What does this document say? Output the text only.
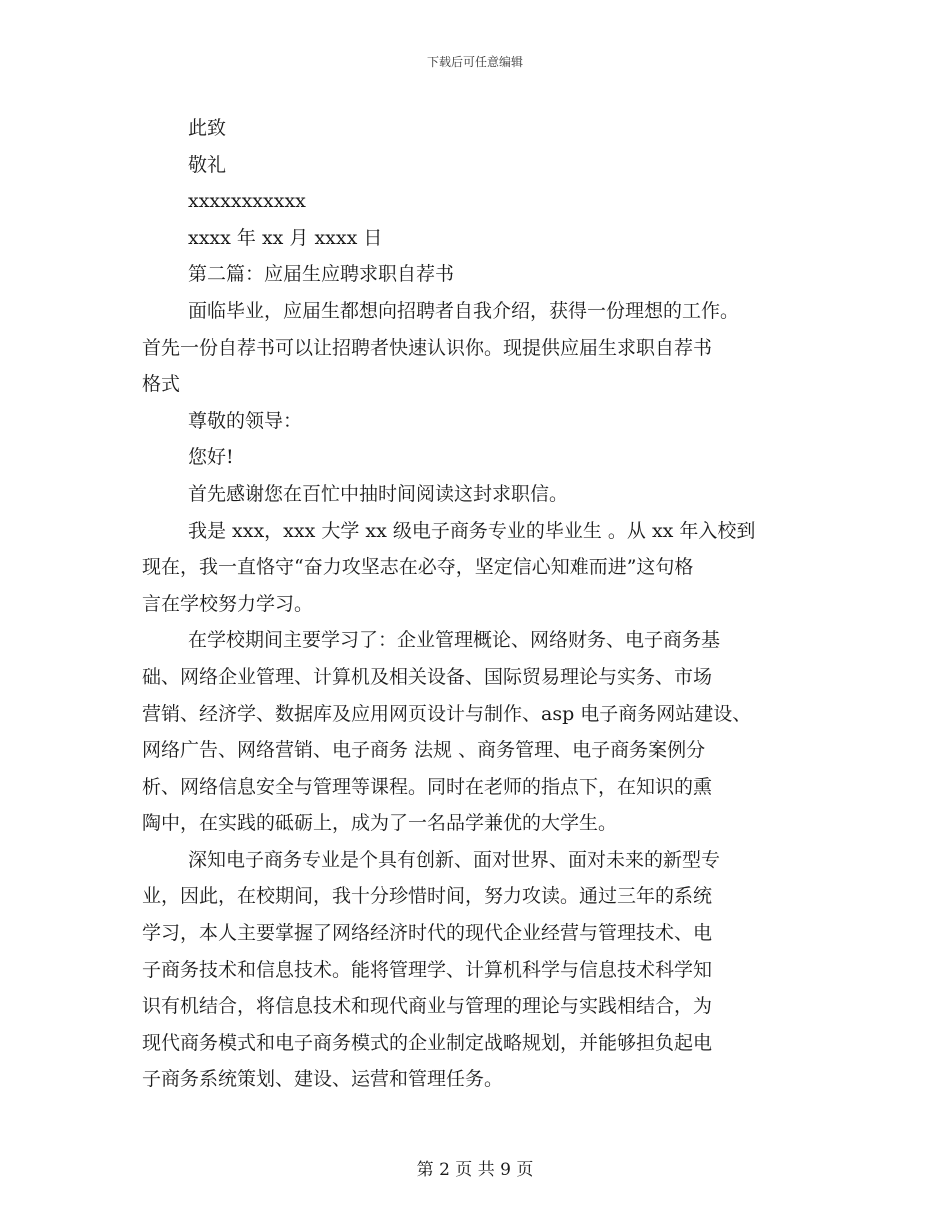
下载后可任意编辑
此致
敬礼
xxxxxxxxxxx
xxxx 年 xx 月 xxxx 日
第二篇：应届生应聘求职自荐书
面临毕业，应届生都想向招聘者自我介绍，获得一份理想的工作。
首先一份自荐书可以让招聘者快速认识你。现提供应届生求职自荐书
格式
尊敬的领导：
您好!
首先感谢您在百忙中抽时间阅读这封求职信。
我是 xxx，xxx 大学 xx 级电子商务专业的毕业生 。从 xx 年入校到
现在，我一直恪守“奋力攻坚志在必夺，坚定信心知难而进”这句格
言在学校努力学习。
在学校期间主要学习了：企业管理概论、网络财务、电子商务基
础、网络企业管理、计算机及相关设备、国际贸易理论与实务、市场
营销、经济学、数据库及应用网页设计与制作、asp 电子商务网站建设、
网络广告、网络营销、电子商务 法规 、商务管理、电子商务案例分
析、网络信息安全与管理等课程。同时在老师的指点下，在知识的熏
陶中，在实践的砥砺上，成为了一名品学兼优的大学生。
深知电子商务专业是个具有创新、面对世界、面对未来的新型专
业，因此，在校期间，我十分珍惜时间，努力攻读。通过三年的系统
学习，本人主要掌握了网络经济时代的现代企业经营与管理技术、电
子商务技术和信息技术。能将管理学、计算机科学与信息技术科学知
识有机结合，将信息技术和现代商业与管理的理论与实践相结合，为
现代商务模式和电子商务模式的企业制定战略规划，并能够担负起电
子商务系统策划、建设、运营和管理任务。
第 2 页 共 9 页
